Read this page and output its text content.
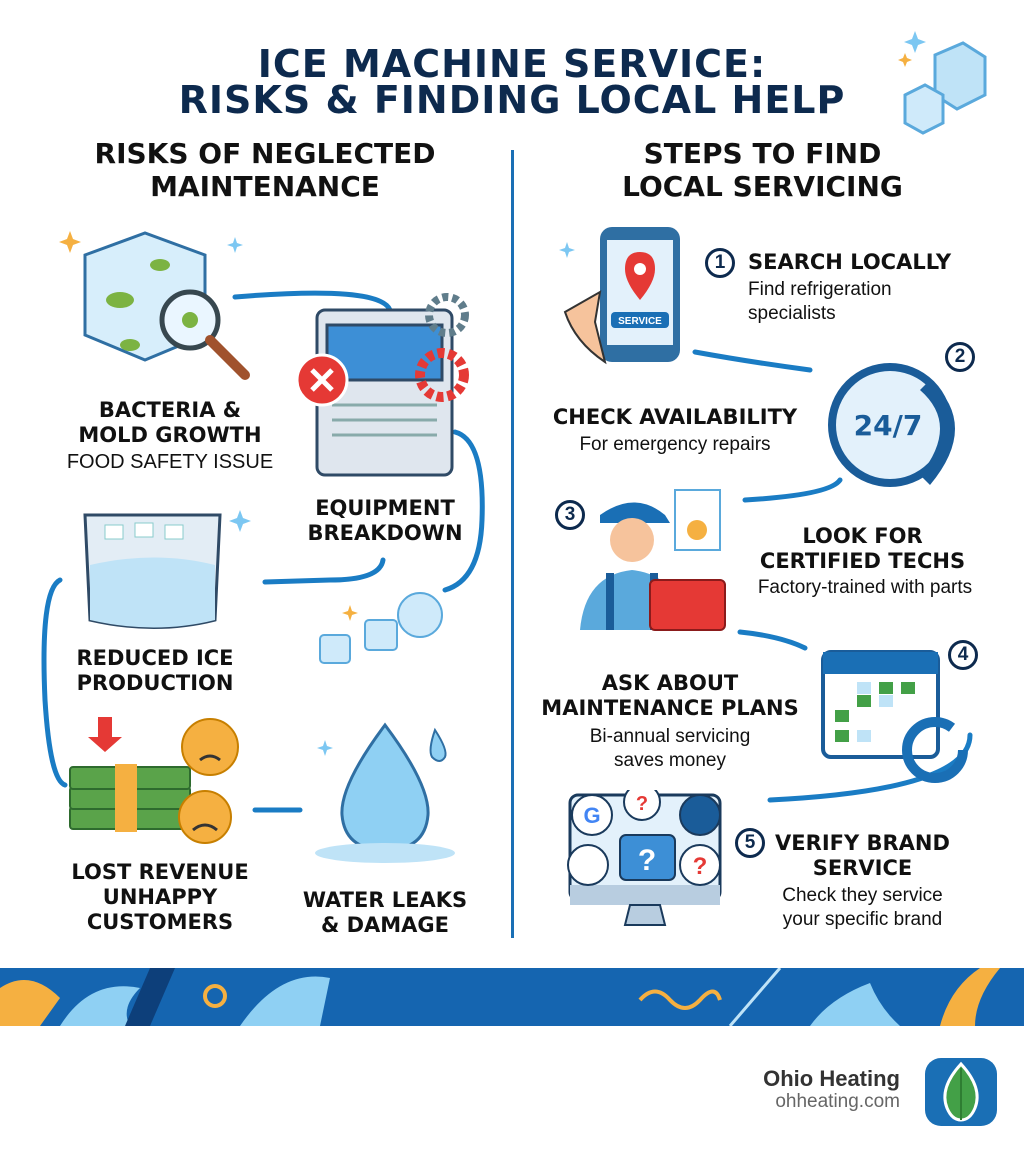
ICE MACHINE SERVICE:
RISKS & FINDING LOCAL HELP
RISKS OF NEGLECTED
MAINTENANCE
STEPS TO FIND
LOCAL SERVICING
BACTERIA &
MOLD GROWTH
FOOD SAFETY ISSUE
EQUIPMENT
BREAKDOWN
REDUCED ICE
PRODUCTION
LOST REVENUE
UNHAPPY
CUSTOMERS
WATER LEAKS
& DAMAGE
SERVICE
1	SEARCH LOCALLY
Find refrigeration
specialists
2
24/7
CHECK AVAILABILITY
For emergency repairs
3
LOOK FOR
CERTIFIED TECHS
Factory-trained with parts
4
ASK ABOUT
MAINTENANCE PLANS
Bi-annual servicing
saves money
G
?
?
?
5 VERIFY BRAND
SERVICE
Check they service
your specific brand
Ohio Heating
ohheating.com
